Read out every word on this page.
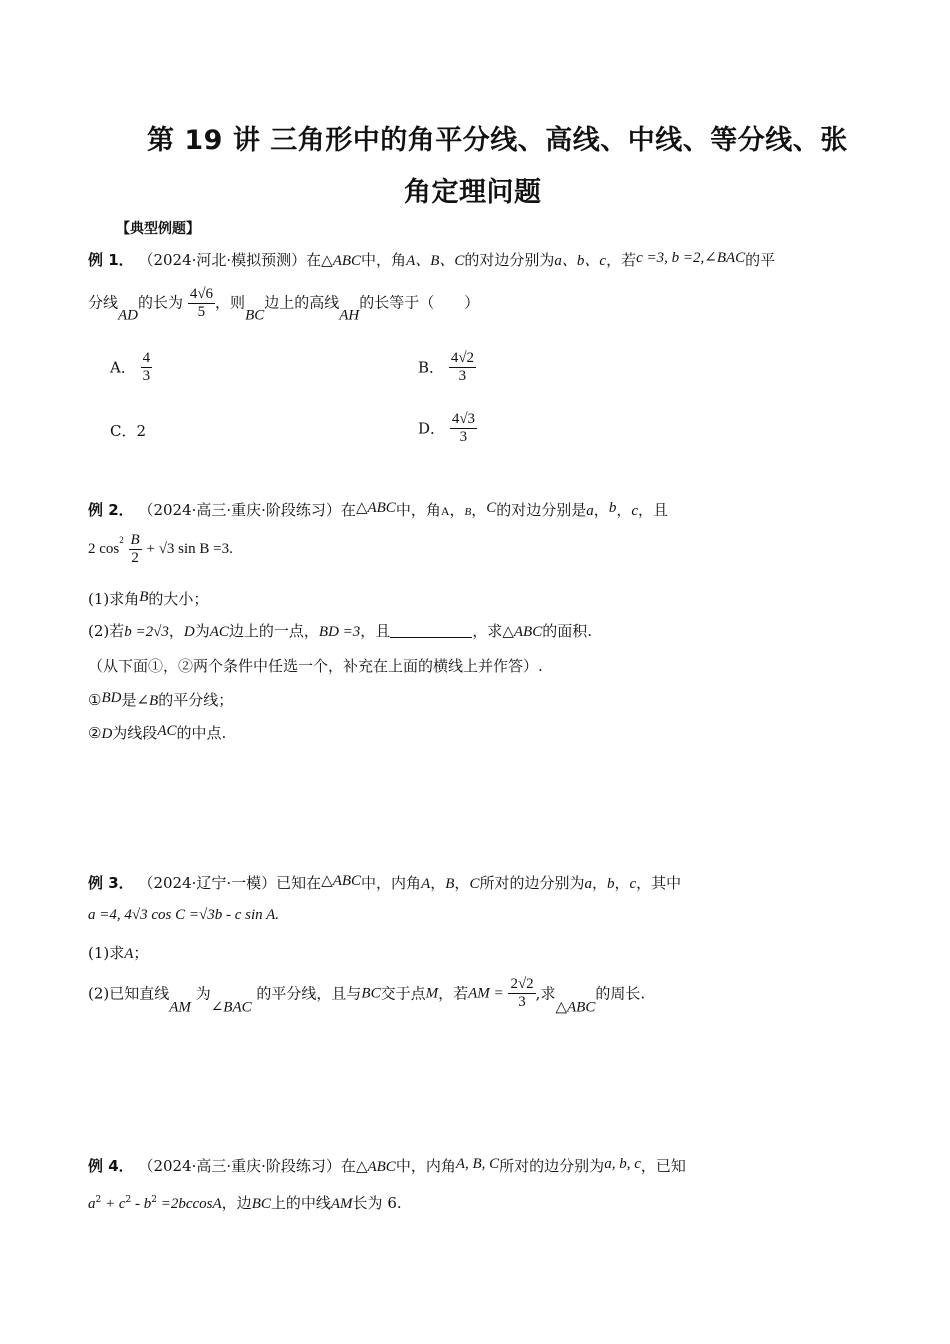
第 19 讲 三角形中的角平分线、高线、中线、等分线、张
角定理问题
【典型例题】
例 1． （2024·河北·模拟预测）在△ABC中，角A、B、C的对边分别为a、b、c，若c =3, b =2,∠BAC的平
分线AD的长为 $\frac{4√6}{5}$ ，则BC边上的高线AH的长等于（　　）
A． $\frac{4}{3}$	B． $\frac{4√2}{3}$
C．2	D． $\frac{4√3}{3}$
例 2． （2024·高三·重庆·阶段练习）在△ABC中，角A，B，C的对边分别是a，b，c，且
2 $\cos^2 \frac{B}{2} + √3$ sin B =3.
(1)求角B的大小；
(2)若b =2√3，D为AC边上的一点，BD =3，且	，求△ABC的面积.
（从下面①，②两个条件中任选一个，补充在上面的横线上并作答）.
①BD是∠B的平分线；
②D为线段AC的中点.
例 3． （2024·辽宁·一模）已知在△ABC中，内角A，B，C所对的边分别为a，b，c，其中
a =4, 4√3 cos C =√3b - c sin A.
(1)求A；
(2)已知直线AM 为∠BAC 的平分线，且与BC交于点M，若AM = $\frac{2√2}{3}$ ,求△ABC的周长.
例 4． （2024·高三·重庆·阶段练习）在△ABC中，内角A, B, C所对的边分别为a, b, c，已知
$a^2 + c^2 - b^2 =2bccosA$，边BC上的中线AM长为 6.
